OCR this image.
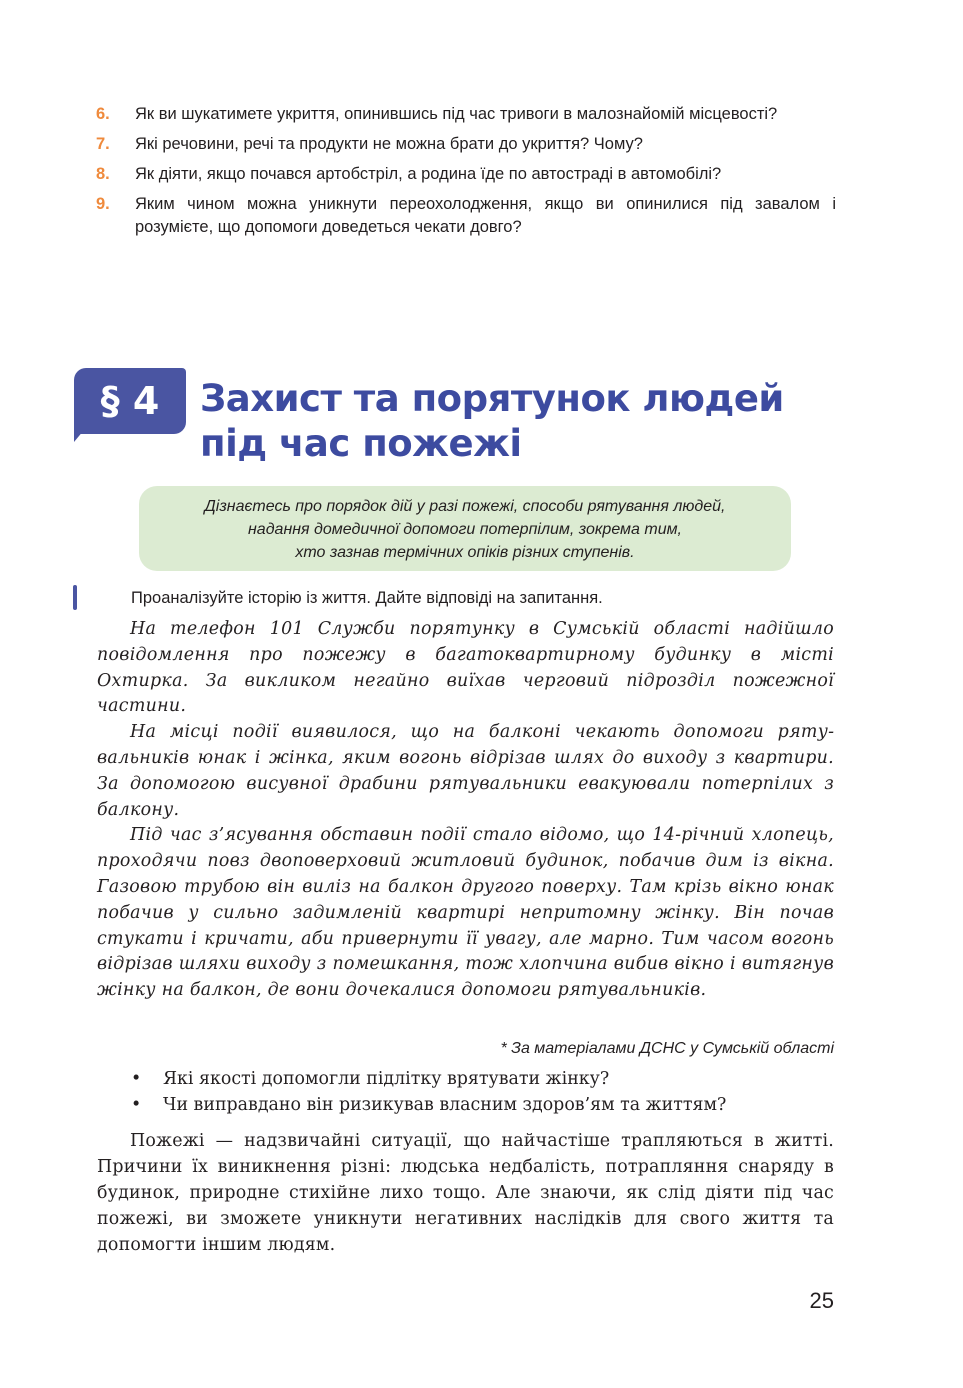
6.	Як ви шукатимете укриття, опинившись під час тривоги в малознайомій місцевості?
7.	Які речовини, речі та продукти не можна брати до укриття? Чому?
8.	Як діяти, якщо почався артобстріл, а родина їде по автостраді в автомобілі?
9.	Яким чином можна уникнути переохолодження, якщо ви опинилися під завалом і розумієте, що допомоги доведеться чекати довго?
§ 4	Захист та порятунок людей
під час пожежі
Дізнаєтесь про порядок дій у разі пожежі, способи рятування людей,
надання домедичної допомоги потерпілим, зокрема тим,
хто зазнав термічних опіків різних ступенів.
Проаналізуйте історію із життя. Дайте відповіді на запитання.

На телефон 101 Служби порятунку в Сумській області надійшло повідомлення про пожежу в багатоквартирному будинку в місті Охтирка. За викликом негайно виїхав черговий підрозділ пожежної частини.

На місці події виявилося, що на балконі чекають допомоги рятувальників юнак і жінка, яким вогонь відрізав шлях до виходу з квартири. За допомогою висувної драбини рятувальники евакуювали потерпілих з балкону.

Під час з’ясування обставин події стало відомо, що 14-річний хлопець, проходячи повз двоповерховий житловий будинок, побачив дим із вікна. Газовою трубою він виліз на балкон другого поверху. Там крізь вікно юнак побачив у сильно задимленій квартирі непритомну жінку. Він почав стукати і кричати, аби привернути її увагу, але марно. Тим часом вогонь відрізав шляхи виходу з помешкання, тож хлопчина вибив вікно і витягнув жінку на балкон, де вони дочекалися допомоги рятувальників.

* За матеріалами ДСНС у Сумській області
•	Які якості допомогли підлітку врятувати жінку?
•	Чи виправдано він ризикував власним здоров’ям та життям?

Пожежі — надзвичайні ситуації, що найчастіше трапляються в житті. Причини їх виникнення різні: людська недбалість, потрапляння снаряду в будинок, природне стихійне лихо тощо. Але знаючи, як слід діяти під час пожежі, ви зможете уникнути негативних наслідків для свого життя та допомогти іншим людям.

25
